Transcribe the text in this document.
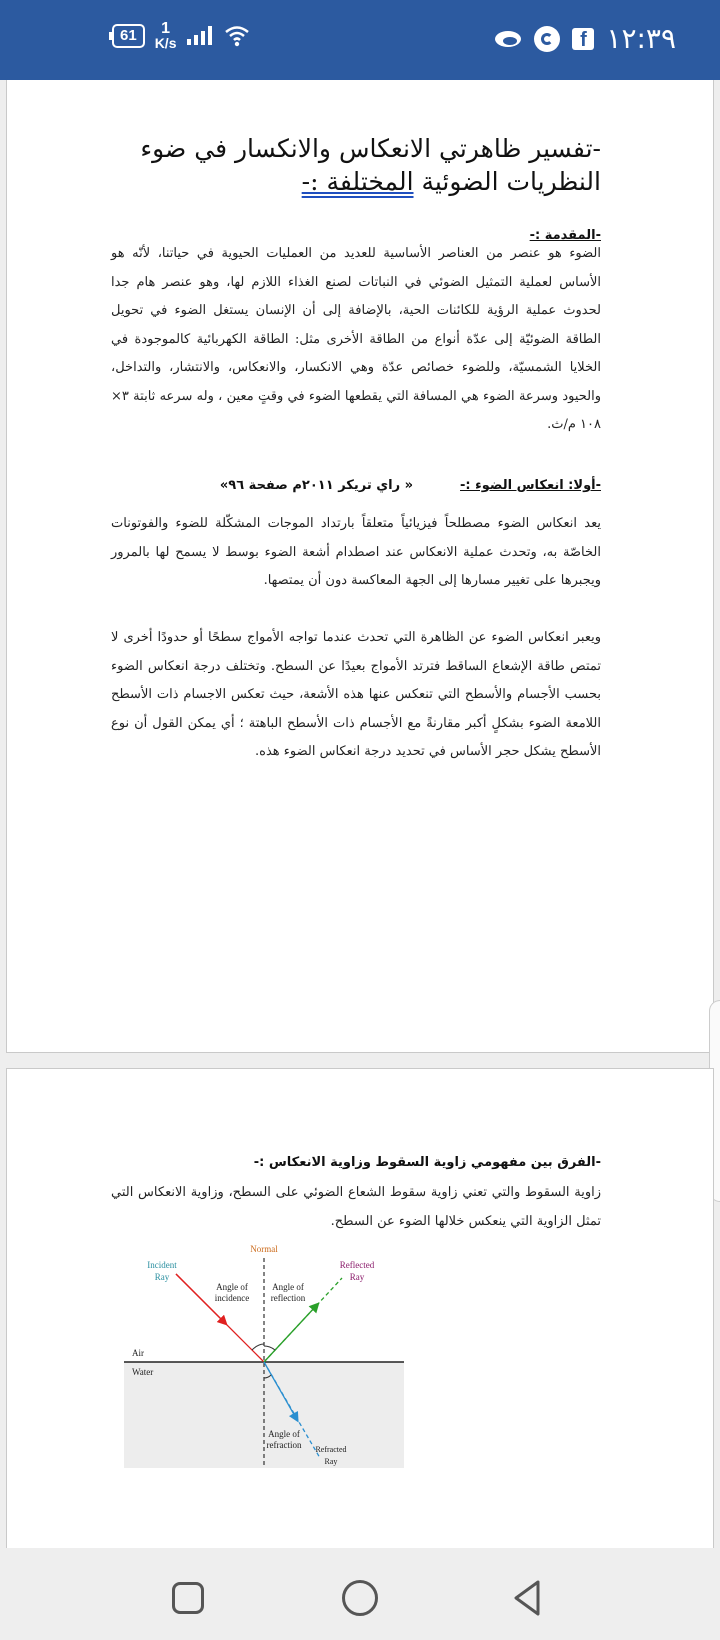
61	1
K/s	f ١٢:٣٩
-تفسير ظاهرتي الانعكاس والانكسار في ضوء
النظريات الضوئية المختلفة :-
-المقدمة :-
الضوء هو عنصر من العناصر الأساسية للعديد من العمليات الحيوية في حياتنا، لأنّه هو الأساس لعملية التمثيل الضوئي في النباتات لصنع الغذاء اللازم لها، وهو عنصر هام جدا لحدوث عملية الرؤية للكائنات الحية، بالإضافة إلى أن الإنسان يستغل الضوء في تحويل الطاقة الضوئيّة إلى عدّة أنواع من الطاقة الأخرى مثل: الطاقة الكهربائية كالموجودة في الخلايا الشمسيّة، وللضوء خصائص عدّة وهي الانكسار، والانعكاس، والانتشار، والتداخل، والحيود وسرعة الضوء هي المسافة التي يقطعها الضوء في وقتٍ معين ، وله سرعه ثابتة ٣× ١٠٨ م/ث.
-أولا: انعكاس الضوء :-
« راي تريكر ٢٠١١م صفحة ٩٦»
يعد انعكاس الضوء مصطلحاً فيزيائياً متعلقاً بارتداد الموجات المشكّلة للضوء والفوتونات الخاصّة به، وتحدث عملية الانعكاس عند اصطدام أشعة الضوء بوسط لا يسمح لها بالمرور ويجبرها على تغيير مسارها إلى الجهة المعاكسة دون أن يمتصها.
ويعبر انعكاس الضوء عن الظاهرة التي تحدث عندما تواجه الأمواج سطحًا أو حدودًا أخرى لا تمتص طاقة الإشعاع الساقط فترتد الأمواج بعيدًا عن السطح. وتختلف درجة انعكاس الضوء بحسب الأجسام والأسطح التي تنعكس عنها هذه الأشعة، حيث تعكس الاجسام ذات الأسطح اللامعة الضوء بشكلٍ أكبر مقارنةً مع الأجسام ذات الأسطح الباهتة ؛ أي يمكن القول أن نوع الأسطح يشكل حجر الأساس في تحديد درجة انعكاس الضوء هذه.
-الفرق بين مفهومي زاوية السقوط وزاوية الانعكاس :-
زاوية السقوط والتي تعني زاوية سقوط الشعاع الضوئي على السطح، وزاوية الانعكاس التي تمثل الزاوية التي ينعكس خلالها الضوء عن السطح.
Normal
Incident
Ray
Reflected
Ray
Angle of
incidence
Angle of
reflection
Air
Water
Angle of
refraction Refracted
Ray
